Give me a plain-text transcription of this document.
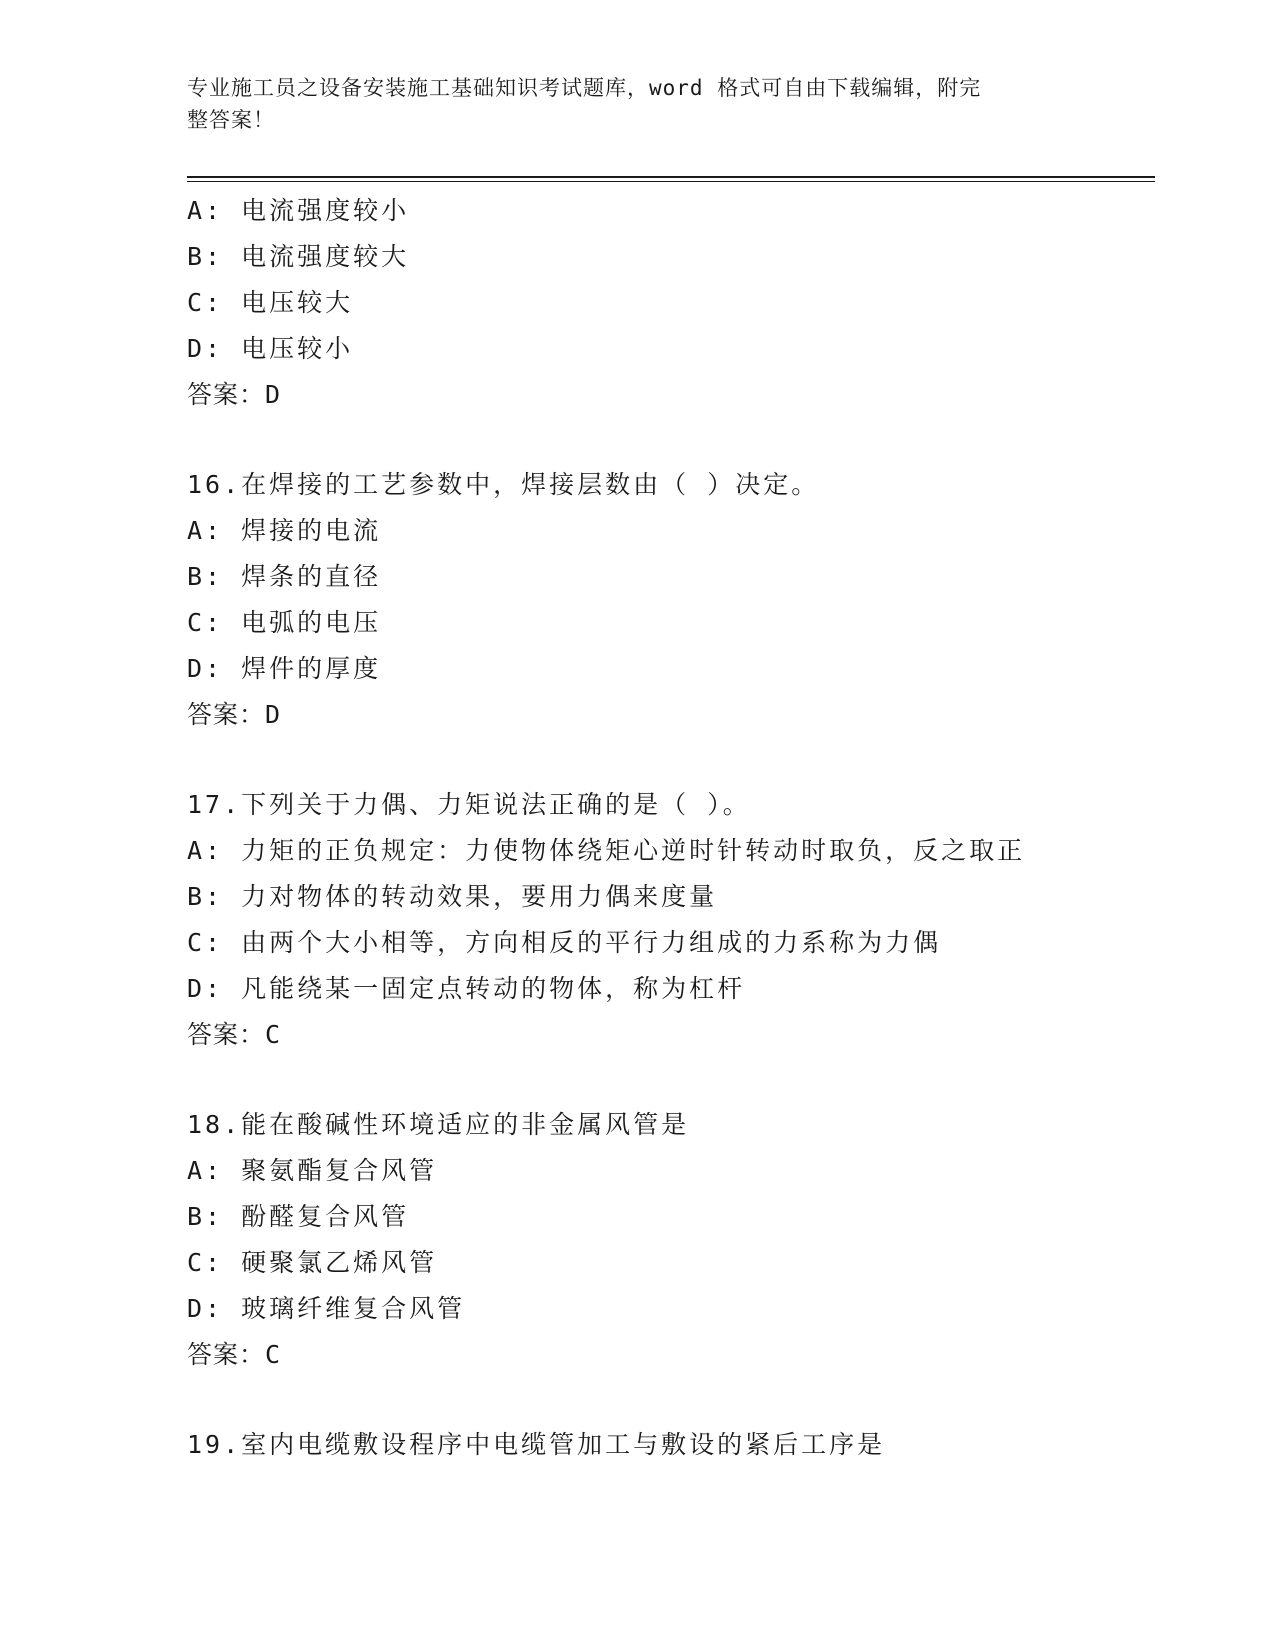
专业施工员之设备安装施工基础知识考试题库，word 格式可自由下载编辑，附完
整答案！
A: 电流强度较小
B: 电流强度较大
C: 电压较大
D: 电压较小
答案：D
16.在焊接的工艺参数中，焊接层数由（ ）决定。
A: 焊接的电流
B: 焊条的直径
C: 电弧的电压
D: 焊件的厚度
答案：D
17.下列关于力偶、力矩说法正确的是（ ）。
A: 力矩的正负规定：力使物体绕矩心逆时针转动时取负，反之取正
B: 力对物体的转动效果，要用力偶来度量
C: 由两个大小相等，方向相反的平行力组成的力系称为力偶
D: 凡能绕某一固定点转动的物体，称为杠杆
答案：C
18.能在酸碱性环境适应的非金属风管是
A: 聚氨酯复合风管
B: 酚醛复合风管
C: 硬聚氯乙烯风管
D: 玻璃纤维复合风管
答案：C
19.室内电缆敷设程序中电缆管加工与敷设的紧后工序是
